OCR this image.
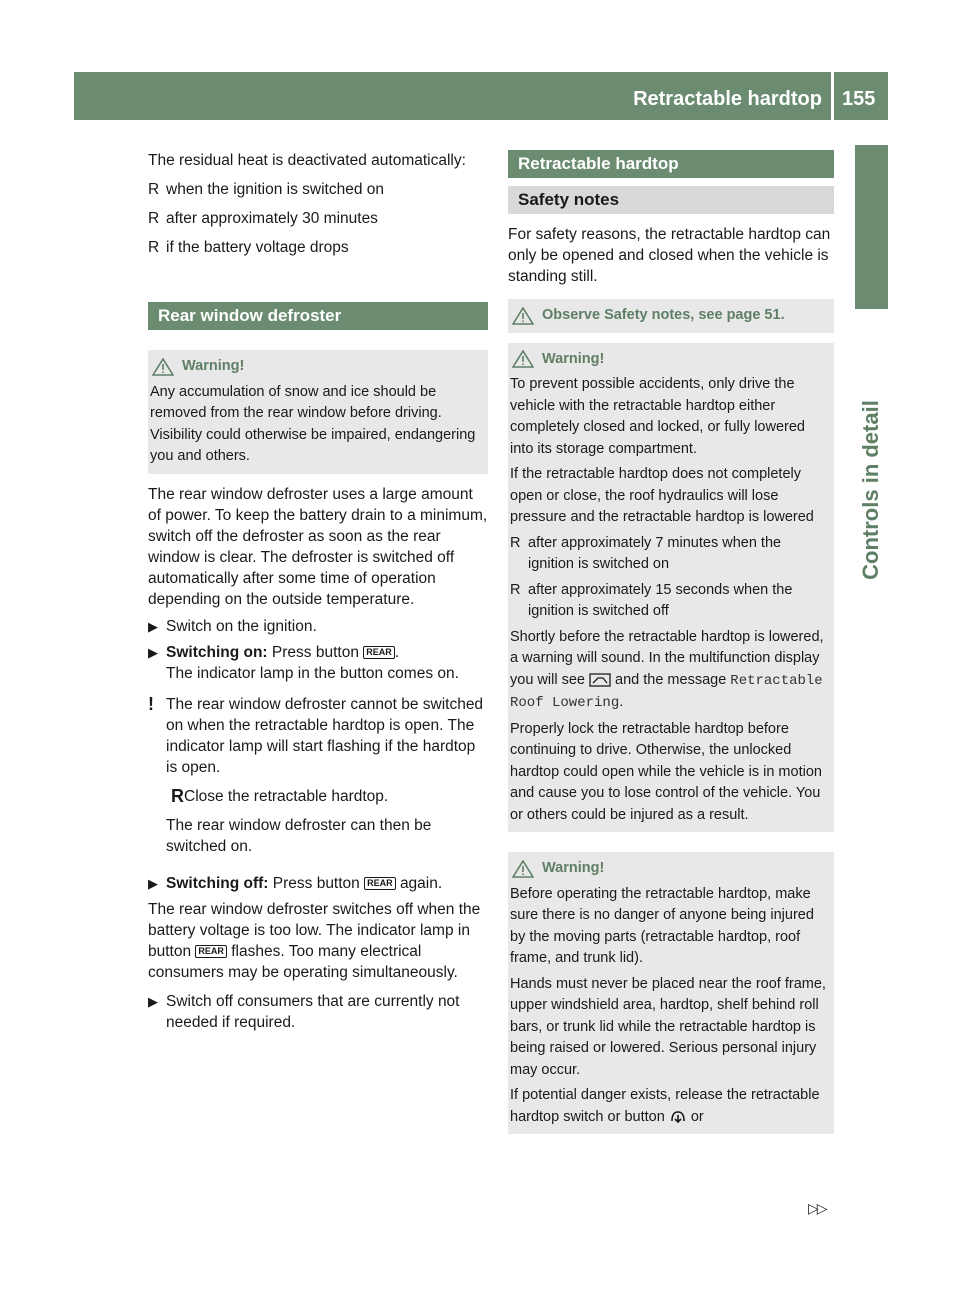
Retractable hardtop 155
Controls in detail

The residual heat is deactivated automatically:

R when the ignition is switched on
R after approximately 30 minutes
R if the battery voltage drops
Rear window defroster
Warning!

Any accumulation of snow and ice should be removed from the rear window before driving. Visibility could otherwise be impaired, endangering you and others.

The rear window defroster uses a large amount of power. To keep the battery drain to a minimum, switch off the defroster as soon as the rear window is clear. The defroster is switched off automatically after some time of operation depending on the outside temperature.

▶ Switch on the ignition.
▶ Switching on: Press button REAR .
The indicator lamp in the button comes on.
! The rear window defroster cannot be switched on when the retractable hardtop is open. The indicator lamp will start flashing if the hardtop is open.

R Close the retractable hardtop.

The rear window defroster can then be switched on.

▶ Switching off: Press button REAR again.

The rear window defroster switches off when the battery voltage is too low. The indicator lamp in button REAR flashes. Too many electrical consumers may be operating simultaneously.

▶ Switch off consumers that are currently not needed if required.
Retractable hardtop
Safety notes

For safety reasons, the retractable hardtop can only be opened and closed when the vehicle is standing still.

Observe Safety notes, see page 51.
Warning!

To prevent possible accidents, only drive the vehicle with the retractable hardtop either completely closed and locked, or fully lowered into its storage compartment.

If the retractable hardtop does not completely open or close, the roof hydraulics will lose pressure and the retractable hardtop is lowered

R after approximately 7 minutes when the ignition is switched on
R after approximately 15 seconds when the ignition is switched off

Shortly before the retractable hardtop is lowered, a warning will sound. In the multifunction display you will see and the message Retractable Roof Lowering.

Properly lock the retractable hardtop before continuing to drive. Otherwise, the unlocked hardtop could open while the vehicle is in motion and cause you to lose control of the vehicle. You or others could be injured as a result.

Warning!

Before operating the retractable hardtop, make sure there is no danger of anyone being injured by the moving parts (retractable hardtop, roof frame, and trunk lid).

Hands must never be placed near the roof frame, upper windshield area, hardtop, shelf behind roll bars, or trunk lid while the retractable hardtop is being raised or lowered. Serious personal injury may occur.

If potential danger exists, release the retractable hardtop switch or button or

▷▷
